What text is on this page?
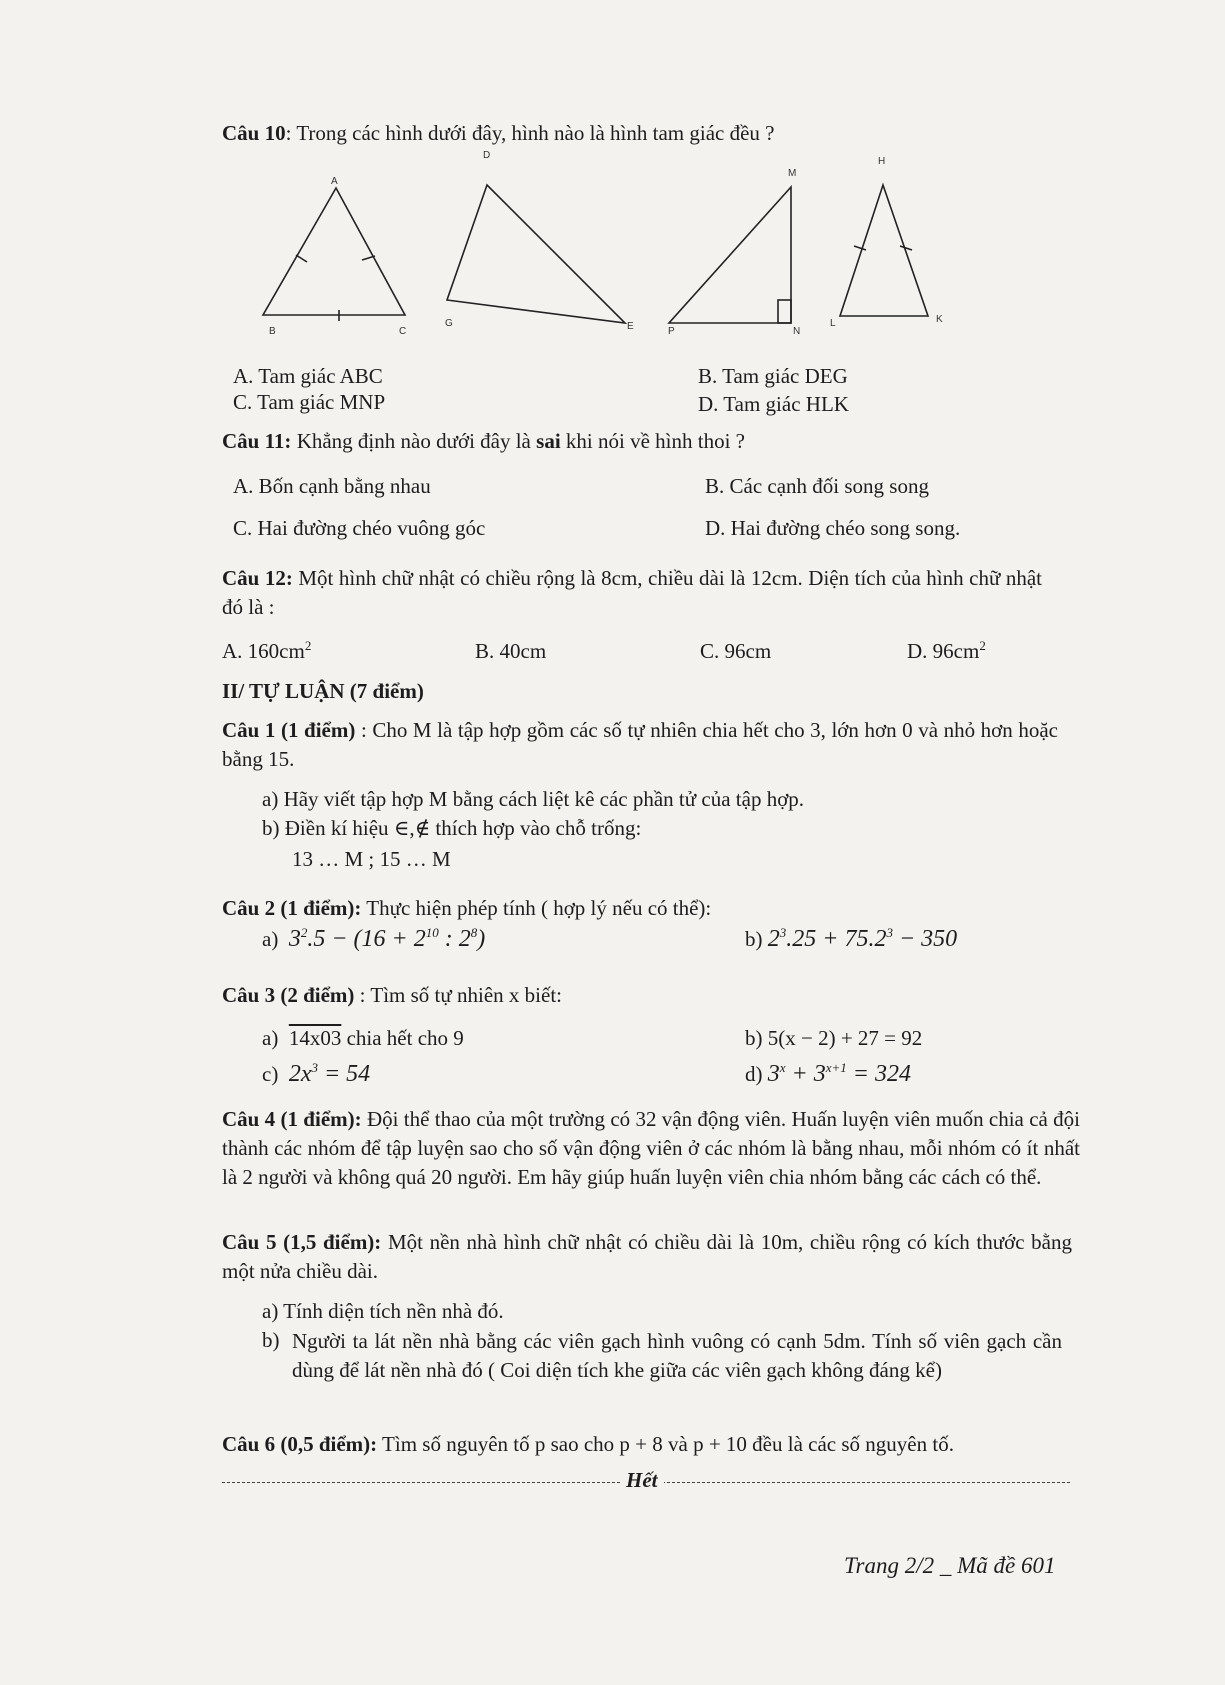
Câu 10: Trong các hình dưới đây, hình nào là hình tam giác đều ?
A
B	C
D
G	E
M
P	N
H
L	K
A. Tam giác ABC	B. Tam giác DEG
C. Tam giác MNP	D. Tam giác HLK
Câu 11: Khẳng định nào dưới đây là sai khi nói về hình thoi ?
A. Bốn cạnh bằng nhau	B. Các cạnh đối song song
C. Hai đường chéo vuông góc	D. Hai đường chéo song song.
Câu 12: Một hình chữ nhật có chiều rộng là 8cm, chiều dài là 12cm. Diện tích của hình chữ nhật đó là :
A. $160cm^2$	B. 40cm	C. 96cm	D. $96cm^2$
II/ TỰ LUẬN (7 điểm)
Câu 1 (1 điểm) : Cho M là tập hợp gồm các số tự nhiên chia hết cho 3, lớn hơn 0 và nhỏ hơn hoặc bằng 15.
a) Hãy viết tập hợp M bằng cách liệt kê các phần tử của tập hợp.
b) Điền kí hiệu ∈,∉ thích hợp vào chỗ trống:
13 … M ; 15 … M
Câu 2 (1 điểm): Thực hiện phép tính ( hợp lý nếu có thể):
a) $3^2.5 - (16 + 2^{10}$ : $2^8$)	b) $2^3.25 + 75.2^3 - 350$
Câu 3 (2 điểm) : Tìm số tự nhiên x biết:
a) 14x03 chia hết cho 9	b) 5(x − 2) + 27 = 92
c) $2x^3 = 54$	d) $3^x + 3^{x+1} = 324$
Câu 4 (1 điểm): Đội thể thao của một trường có 32 vận động viên. Huấn luyện viên muốn chia cả đội thành các nhóm để tập luyện sao cho số vận động viên ở các nhóm là bằng nhau, mỗi nhóm có ít nhất là 2 người và không quá 20 người. Em hãy giúp huấn luyện viên chia nhóm bằng các cách có thể.
Câu 5 (1,5 điểm): Một nền nhà hình chữ nhật có chiều dài là 10m, chiều rộng có kích thước bằng một nửa chiều dài.
a) Tính diện tích nền nhà đó.
b) Người ta lát nền nhà bằng các viên gạch hình vuông có cạnh 5dm. Tính số viên gạch cần dùng để lát nền nhà đó ( Coi diện tích khe giữa các viên gạch không đáng kể)
Câu 6 (0,5 điểm): Tìm số nguyên tố p sao cho p + 8 và p + 10 đều là các số nguyên tố.
Hết
Trang 2/2 _ Mã đề 601
